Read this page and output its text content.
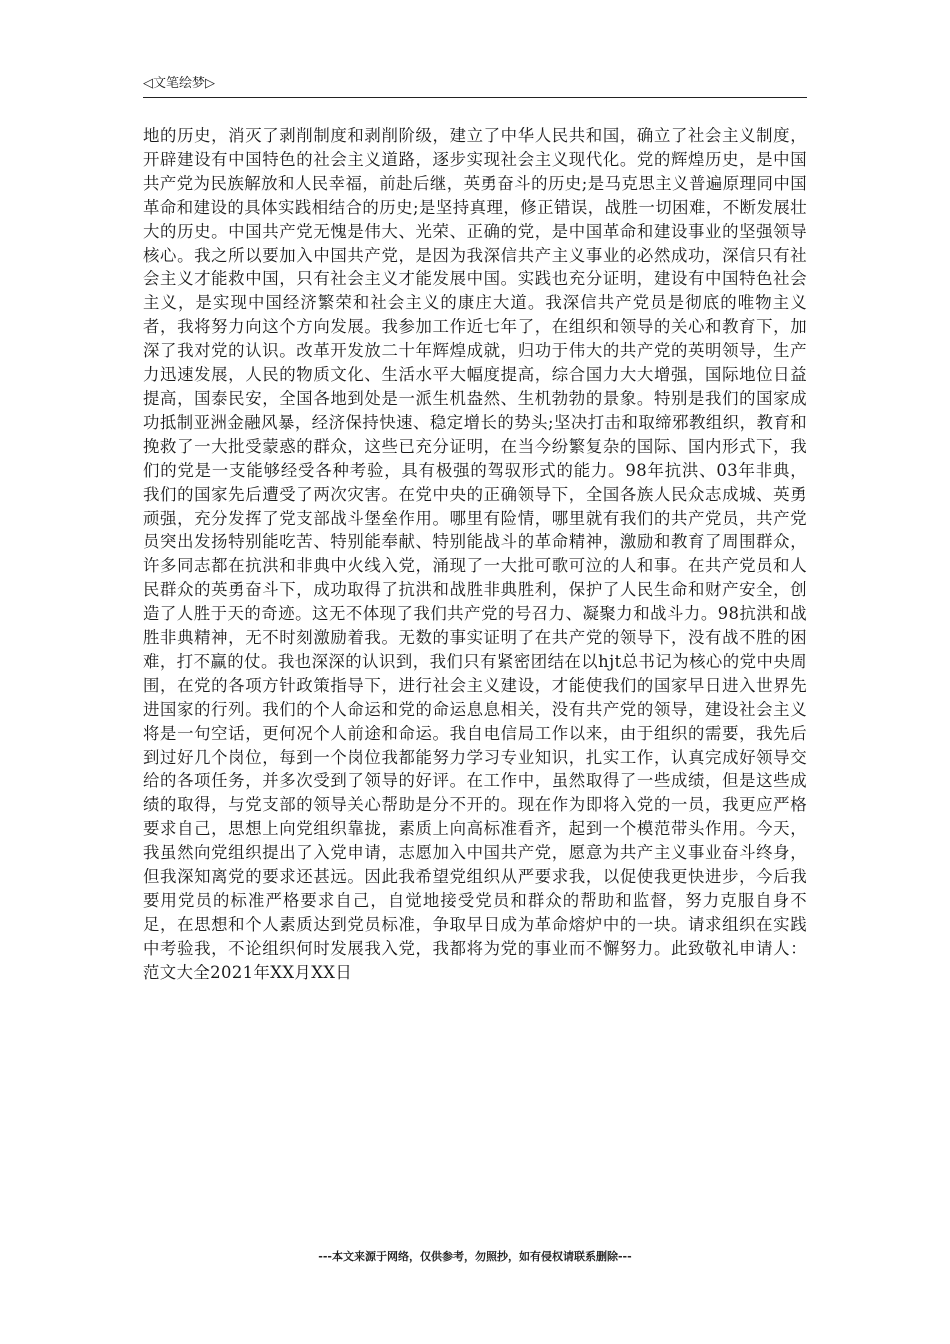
◁文笔绘梦▷
地的历史，消灭了剥削制度和剥削阶级，建立了中华人民共和国，确立了社会主义制度，开辟建设有中国特色的社会主义道路，逐步实现社会主义现代化。党的辉煌历史，是中国共产党为民族解放和人民幸福，前赴后继，英勇奋斗的历史;是马克思主义普遍原理同中国革命和建设的具体实践相结合的历史;是坚持真理，修正错误，战胜一切困难，不断发展壮大的历史。中国共产党无愧是伟大、光荣、正确的党，是中国革命和建设事业的坚强领导核心。我之所以要加入中国共产党，是因为我深信共产主义事业的必然成功，深信只有社会主义才能救中国，只有社会主义才能发展中国。实践也充分证明，建设有中国特色社会主义，是实现中国经济繁荣和社会主义的康庄大道。我深信共产党员是彻底的唯物主义者，我将努力向这个方向发展。我参加工作近七年了，在组织和领导的关心和教育下，加深了我对党的认识。改革开发放二十年辉煌成就，归功于伟大的共产党的英明领导，生产力迅速发展，人民的物质文化、生活水平大幅度提高，综合国力大大增强，国际地位日益提高，国泰民安，全国各地到处是一派生机盎然、生机勃勃的景象。特别是我们的国家成功抵制亚洲金融风暴，经济保持快速、稳定增长的势头;坚决打击和取缔邪教组织，教育和挽救了一大批受蒙惑的群众，这些已充分证明，在当今纷繁复杂的国际、国内形式下，我们的党是一支能够经受各种考验，具有极强的驾驭形式的能力。98年抗洪、03年非典，我们的国家先后遭受了两次灾害。在党中央的正确领导下，全国各族人民众志成城、英勇顽强，充分发挥了党支部战斗堡垒作用。哪里有险情，哪里就有我们的共产党员，共产党员突出发扬特别能吃苦、特别能奉献、特别能战斗的革命精神，激励和教育了周围群众，许多同志都在抗洪和非典中火线入党，涌现了一大批可歌可泣的人和事。在共产党员和人民群众的英勇奋斗下，成功取得了抗洪和战胜非典胜利，保护了人民生命和财产安全，创造了人胜于天的奇迹。这无不体现了我们共产党的号召力、凝聚力和战斗力。98抗洪和战胜非典精神，无不时刻激励着我。无数的事实证明了在共产党的领导下，没有战不胜的困难，打不赢的仗。我也深深的认识到，我们只有紧密团结在以hjt总书记为核心的党中央周围，在党的各项方针政策指导下，进行社会主义建设，才能使我们的国家早日进入世界先进国家的行列。我们的个人命运和党的命运息息相关，没有共产党的领导，建设社会主义将是一句空话，更何况个人前途和命运。我自电信局工作以来，由于组织的需要，我先后到过好几个岗位，每到一个岗位我都能努力学习专业知识，扎实工作，认真完成好领导交给的各项任务，并多次受到了领导的好评。在工作中，虽然取得了一些成绩，但是这些成绩的取得，与党支部的领导关心帮助是分不开的。现在作为即将入党的一员，我更应严格要求自己，思想上向党组织靠拢，素质上向高标准看齐，起到一个模范带头作用。今天，我虽然向党组织提出了入党申请，志愿加入中国共产党，愿意为共产主义事业奋斗终身，但我深知离党的要求还甚远。因此我希望党组织从严要求我，以促使我更快进步，今后我要用党员的标准严格要求自己，自觉地接受党员和群众的帮助和监督，努力克服自身不足，在思想和个人素质达到党员标准，争取早日成为革命熔炉中的一块。请求组织在实践中考验我，不论组织何时发展我入党，我都将为党的事业而不懈努力。此致敬礼申请人：范文大全2021年XX月XX日
---本文来源于网络，仅供参考，勿照抄，如有侵权请联系删除---
